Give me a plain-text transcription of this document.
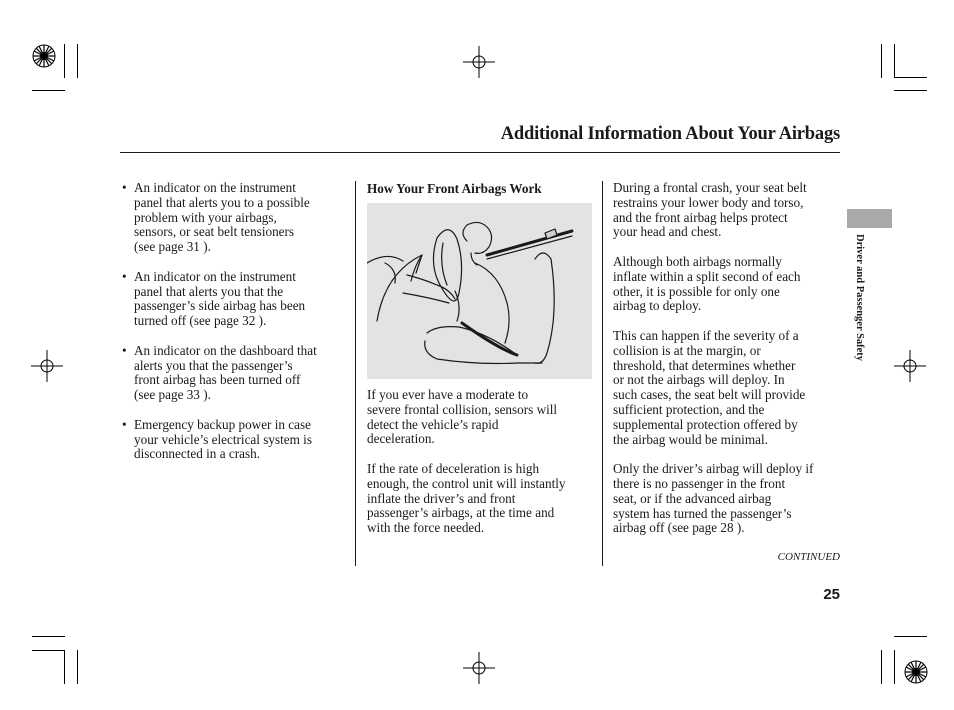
Additional Information About Your Airbags
• An indicator on the instrument
panel that alerts you to a possible
problem with your airbags,
sensors, or seat belt tensioners
(see page 31 ).
• An indicator on the instrument
panel that alerts you that the
passenger’s side airbag has been
turned off (see page 32 ).
• An indicator on the dashboard that
alerts you that the passenger’s
front airbag has been turned off
(see page 33 ).
• Emergency backup power in case
your vehicle’s electrical system is
disconnected in a crash.
How Your Front Airbags Work

If you ever have a moderate to
severe frontal collision, sensors will
detect the vehicle’s rapid
deceleration.

If the rate of deceleration is high
enough, the control unit will instantly
inflate the driver’s and front
passenger’s airbags, at the time and
with the force needed.

During a frontal crash, your seat belt
restrains your lower body and torso,
and the front airbag helps protect
your head and chest.

Although both airbags normally
inflate within a split second of each
other, it is possible for only one
airbag to deploy.

This can happen if the severity of a
collision is at the margin, or
threshold, that determines whether
or not the airbags will deploy. In
such cases, the seat belt will provide
sufficient protection, and the
supplemental protection offered by
the airbag would be minimal.

Only the driver’s airbag will deploy if
there is no passenger in the front
seat, or if the advanced airbag
system has turned the passenger’s
airbag off (see page 28 ).

CONTINUED
25
Driver and Passenger Safety
